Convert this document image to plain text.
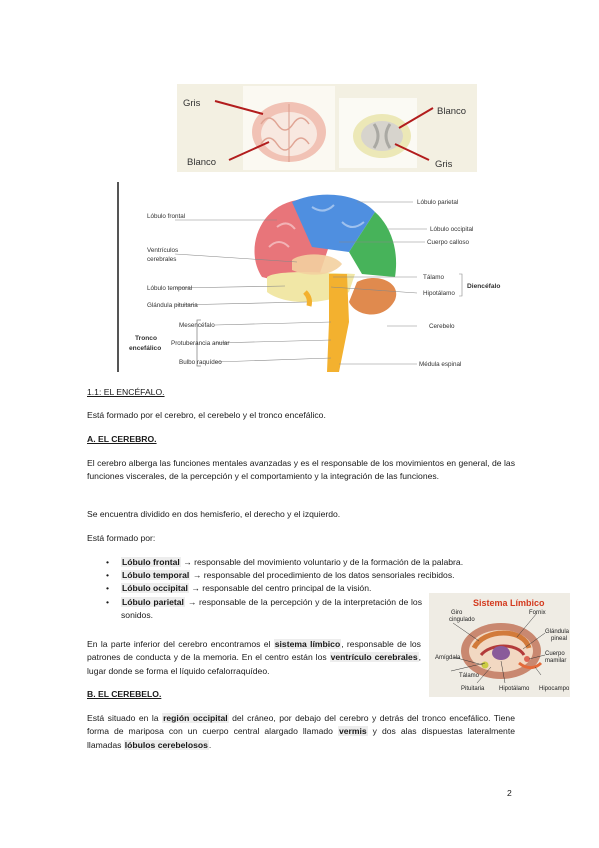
Gris
Blanco
Blanco
Gris
Lóbulo frontal
Ventrículos
cerebrales
Lóbulo temporal
Glándula pituitaria
Mesencéfalo
Protuberancia anular
Bulbo raquídeo
Tronco
encefálico
Lóbulo parietal
Lóbulo occipital
Cuerpo calloso
Tálamo
Hipotálamo
Cerebelo
Médula espinal
Diencéfalo

1.1: EL ENCÉFALO.

Está formado por el cerebro, el cerebelo y el tronco encefálico.

A. EL CEREBRO.

El cerebro alberga las funciones mentales avanzadas y es el responsable de los movimientos en general, de las funciones viscerales, de la percepción y el comportamiento y la integración de las funciones.

Se encuentra dividido en dos hemisferio, el derecho y el izquierdo.

Está formado por:

• Lóbulo frontal → responsable del movimiento voluntario y de la formación de la palabra.
• Lóbulo temporal → responsable del procedimiento de los datos sensoriales recibidos.
• Lóbulo occipital → responsable del centro principal de la visión.
• Lóbulo parietal → responsable de la percepción y de la interpretación de los sonidos.

En la parte inferior del cerebro encontramos el sistema límbico, responsable de los patrones de conducta y de la memoria. En el centro están los ventrículo cerebrales, lugar donde se forma el líquido cefalorraquídeo.

B. EL CEREBELO.

Está situado en la región occipital del cráneo, por debajo del cerebro y detrás del tronco encefálico. Tiene forma de mariposa con un cuerpo central alargado llamado vermis y dos alas dispuestas lateralmente llamadas lóbulos cerebelosos.

Sistema Límbico
Giro
cingulado
Fornix
Glándula
pineal
Cuerpo
mamilar
Hipocampo
Hipotálamo
Pituitaria
Amígdala
Tálamo

2
